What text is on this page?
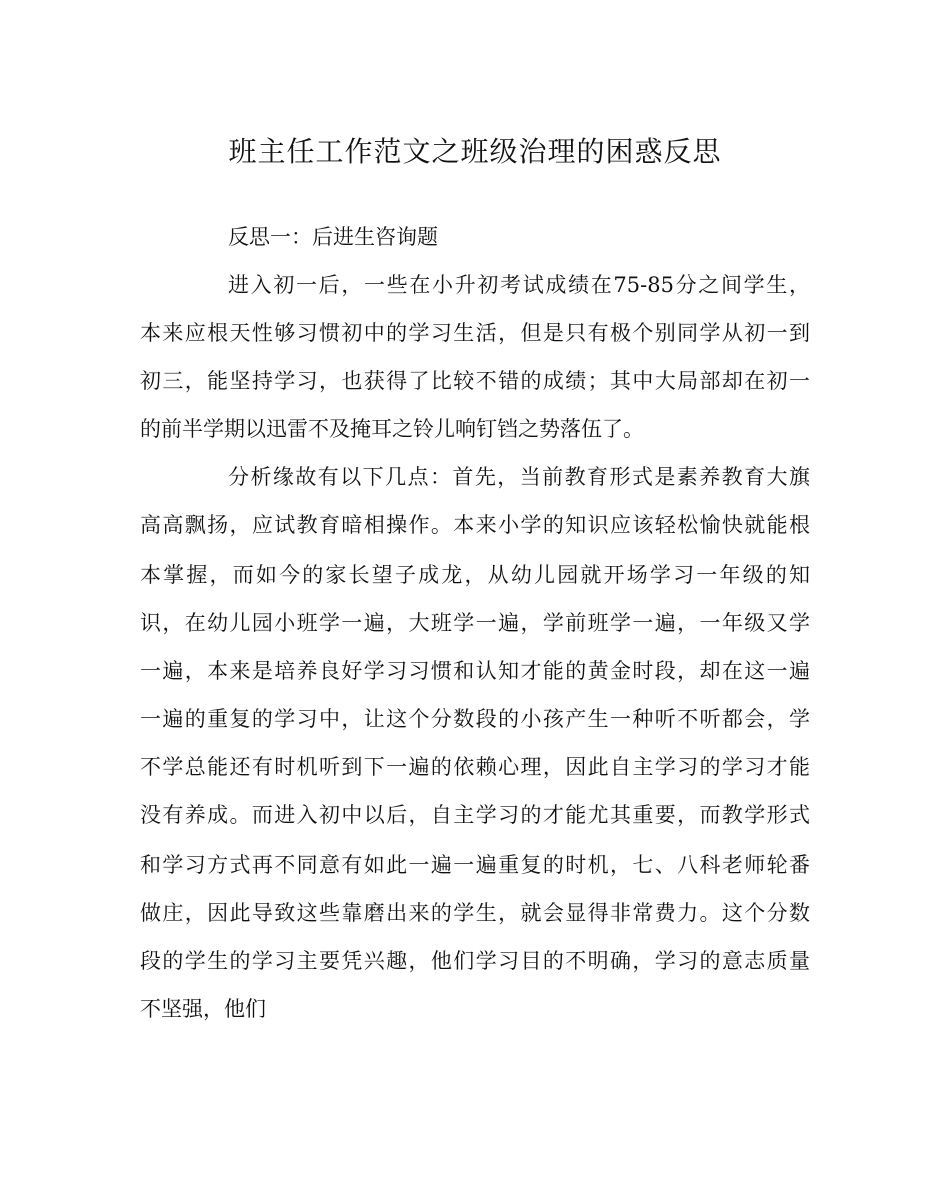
班主任工作范文之班级治理的困惑反思

反思一：后进生咨询题

进入初一后，一些在小升初考试成绩在75-85分之间学生，

本来应根天性够习惯初中的学习生活，但是只有极个别同学从初一到

初三，能坚持学习，也获得了比较不错的成绩；其中大局部却在初一

的前半学期以迅雷不及掩耳之铃儿响钉铛之势落伍了。

分析缘故有以下几点：首先，当前教育形式是素养教育大旗

高高飘扬，应试教育暗相操作。本来小学的知识应该轻松愉快就能根

本掌握，而如今的家长望子成龙，从幼儿园就开场学习一年级的知

识，在幼儿园小班学一遍，大班学一遍，学前班学一遍，一年级又学

一遍，本来是培养良好学习习惯和认知才能的黄金时段，却在这一遍

一遍的重复的学习中，让这个分数段的小孩产生一种听不听都会，学

不学总能还有时机听到下一遍的依赖心理，因此自主学习的学习才能

没有养成。而进入初中以后，自主学习的才能尤其重要，而教学形式

和学习方式再不同意有如此一遍一遍重复的时机，七、八科老师轮番

做庄，因此导致这些靠磨出来的学生，就会显得非常费力。这个分数

段的学生的学习主要凭兴趣，他们学习目的不明确，学习的意志质量

不坚强，他们
